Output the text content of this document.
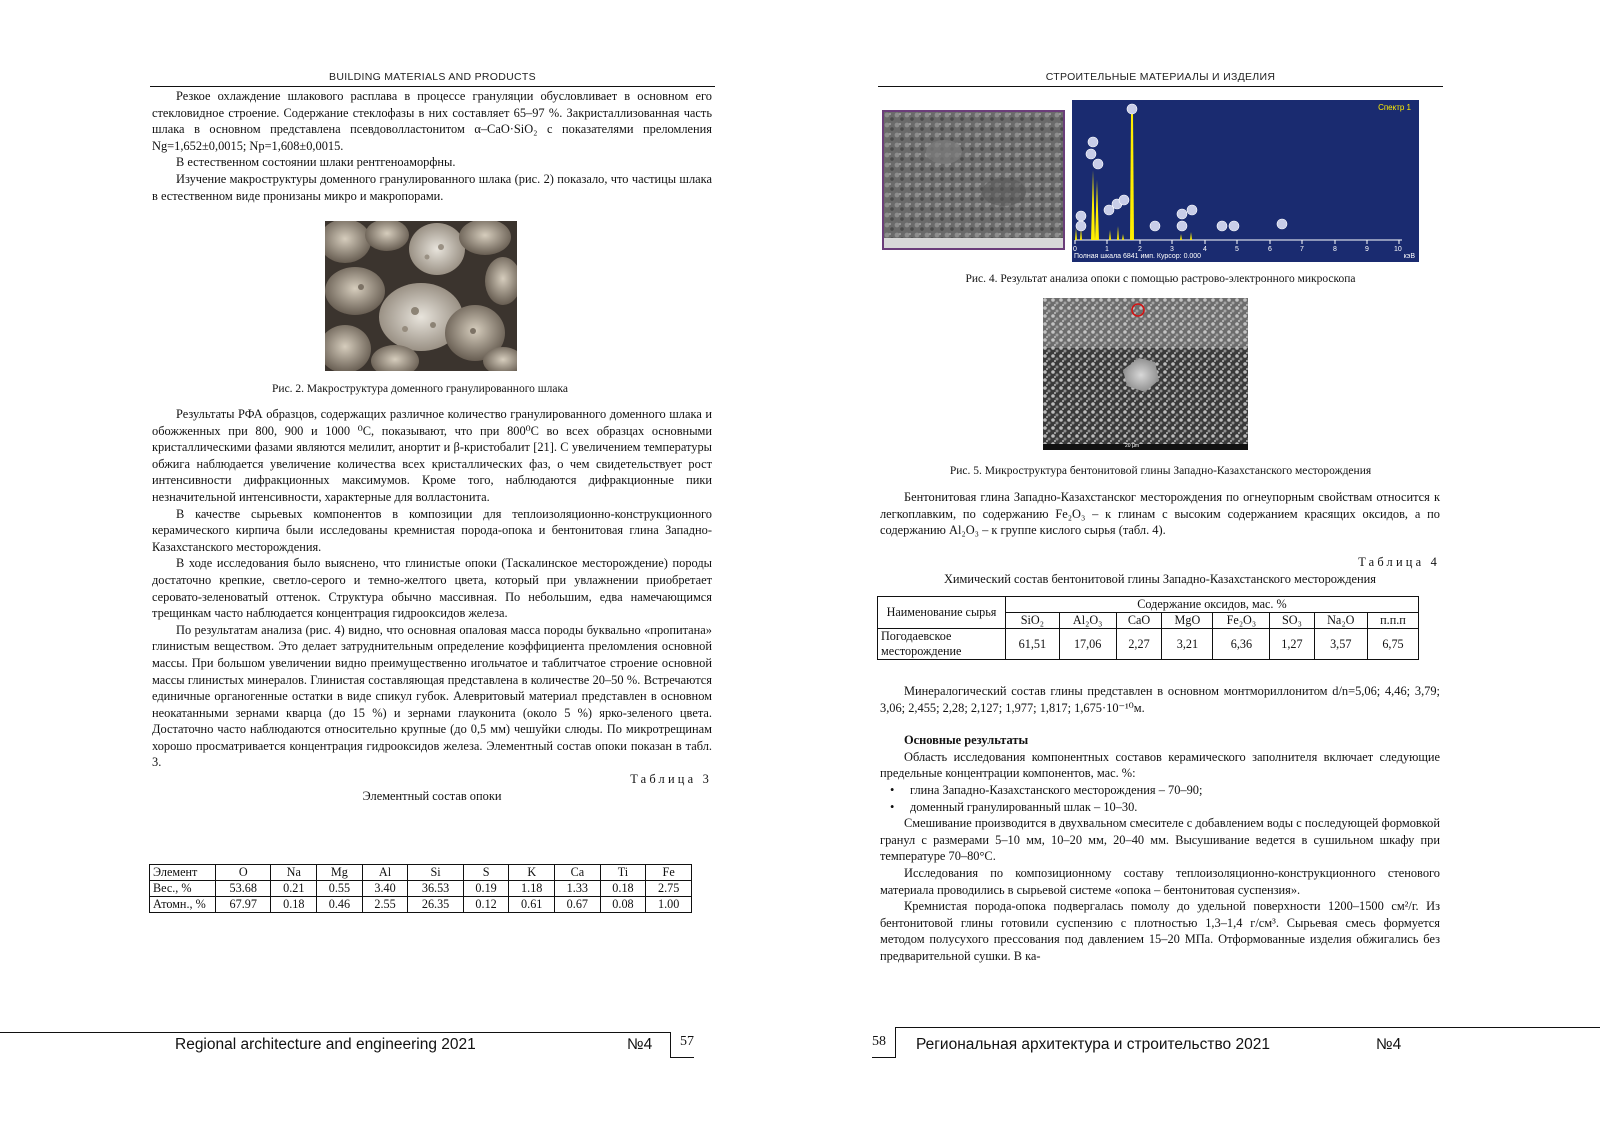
BUILDING MATERIALS AND PRODUCTS

Резкое охлаждение шлакового расплава в процессе грануляции обусловливает в основном его стекловидное строение. Содержание стеклофазы в них составляет 65–97 %. Закристаллизованная часть шлака в основном представлена псевдоволластонитом α–CaO·SiO₂ с показателями преломления Ng=1,652±0,0015; Np=1,608±0,0015.

В естественном состоянии шлаки рентгеноаморфны.

Изучение макроструктуры доменного гранулированного шлака (рис. 2) показало, что частицы шлака в естественном виде пронизаны микро и макропорами.

Рис. 2. Макроструктура доменного гранулированного шлака

Результаты РФА образцов, содержащих различное количество гранулированного доменного шлака и обожженных при 800, 900 и 1000 ⁰С, показывают, что при 800⁰С во всех образцах основными кристаллическими фазами являются мелилит, анортит и β-кристобалит [21]. С увеличением температуры обжига наблюдается увеличение количества всех кристаллических фаз, о чем свидетельствует рост интенсивности дифракционных максимумов. Кроме того, наблюдаются дифракционные пики незначительной интенсивности, характерные для волластонита.

В качестве сырьевых компонентов в композиции для теплоизоляционно-конструкционного керамического кирпича были исследованы кремнистая порода-опока и бентонитовая глина Западно-Казахстанского месторождения.

В ходе исследования было выяснено, что глинистые опоки (Таскалинское месторождение) породы достаточно крепкие, светло-серого и темно-желтого цвета, который при увлажнении приобретает серовато-зеленоватый оттенок. Структура обычно массивная. По небольшим, едва намечающимся трещинкам часто наблюдается концентрация гидрооксидов железа.

По результатам анализа (рис. 4) видно, что основная опаловая масса породы буквально «пропитана» глинистым веществом. Это делает затруднительным определение коэффициента преломления основной массы. При большом увеличении видно преимущественно игольчатое и таблитчатое строение основной массы глинистых минералов. Глинистая составляющая представлена в количестве 20–50 %. Встречаются единичные органогенные остатки в виде спикул губок. Алевритовый материал представлен в основном неокатанными зернами кварца (до 15 %) и зернами глауконита (около 5 %) ярко-зеленого цвета. Достаточно часто наблюдаются относительно крупные (до 0,5 мм) чешуйки слюды. По микротрещинам хорошо просматривается концентрация гидрооксидов железа. Элементный состав опоки показан в табл. 3.

Таблица 3
Элементный состав опоки
Элемент	O	Na	Mg	Al	Si	S	K	Ca	Ti	Fe
Вес., %	53.68	0.21	0.55	3.40	36.53	0.19	1.18	1.33	0.18	2.75
Атомн., %	67.97	0.18	0.46	2.55	26.35	0.12	0.61	0.67	0.08	1.00
Regional architecture and engineering 2021	№4	57
СТРОИТЕЛЬНЫЕ МАТЕРИАЛЫ И ИЗДЕЛИЯ
Спектр 1
0	1	2	3	4	5	6	7	8	9	10
Полная шкала 6841 имп. Курсор: 0.000	кэВ
Рис. 4. Результат анализа опоки с помощью растрово-электронного микроскопа
20 µm
Рис. 5. Микроструктура бентонитовой глины Западно-Казахстанского месторождения

Бентонитовая глина Западно-Казахстанског месторождения по огнеупорным свойствам относится к легкоплавким, по содержанию Fe₂O₃ – к глинам с высоким содержанием красящих оксидов, а по содержанию Al₂O₃ – к группе кислого сырья (табл. 4).

Таблица 4
Химический состав бентонитовой глины Западно-Казахстанского месторождения
Наименование сырья	Содержание оксидов, мас. %							
	SiO₂	Al₂O₃	CaO	MgO	Fe₂O₃	SO₃	Na₂O	п.п.п
Погодаевское месторождение	61,51	17,06	2,27	3,21	6,36	1,27	3,57	6,75

Минералогический состав глины представлен в основном монтмориллонитом d/n=5,06; 4,46; 3,79; 3,06; 2,455; 2,28; 2,127; 1,977; 1,817; 1,675·10⁻¹⁰м.

Основные результаты

Область исследования компонентных составов керамического заполнителя включает следующие предельные концентрации компонентов, мас. %:

• глина Западно-Казахстанского месторождения – 70–90;
• доменный гранулированный шлак – 10–30.

Смешивание производится в двухвальном смесителе с добавлением воды с последующей формовкой гранул с размерами 5–10 мм, 10–20 мм, 20–40 мм. Высушивание ведется в сушильном шкафу при температуре 70–80°С.

Исследования по композиционному составу теплоизоляционно-конструкционного стенового материала проводились в сырьевой системе «опока – бентонитовая суспензия».

Кремнистая порода-опока подвергалась помолу до удельной поверхности 1200–1500 см²/г. Из бентонитовой глины готовили суспензию с плотностью 1,3–1,4 г/см³. Сырьевая смесь формуется методом полусухого прессования под давлением 15–20 МПа. Отформованные изделия обжигались без предварительной сушки. В ка-

58	Региональная архитектура и строительство 2021	№4
